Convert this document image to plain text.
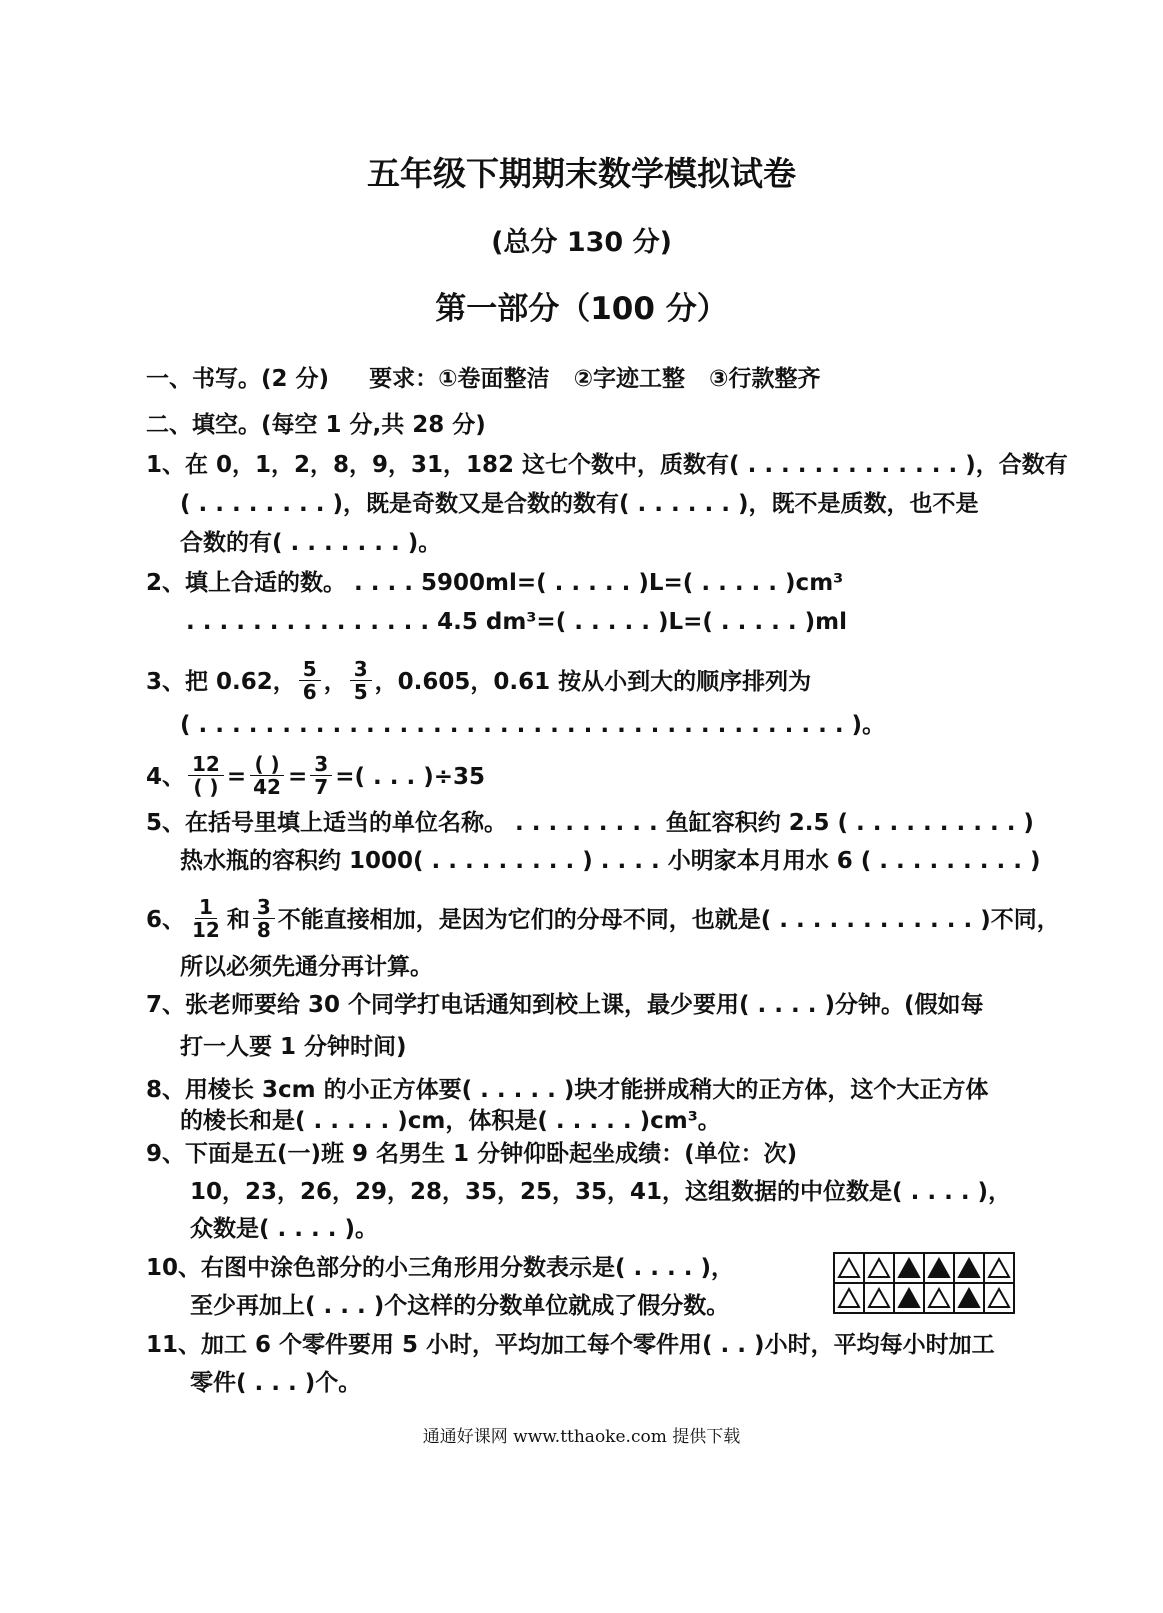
五年级下期期末数学模拟试卷
(总分 130 分)
第一部分（100 分）
一、书写。(2 分)     要求：①卷面整洁   ②字迹工整   ③行款整齐
二、填空。(每空 1 分,共 28 分)
1、在 0，1，2，8，9，31，182 这七个数中，质数有( . . . . . . . . . . . . . )，合数有
( . . . . . . . . )，既是奇数又是合数的数有( . . . . . . )，既不是质数，也不是
合数的有( . . . . . . . )。
2、填上合适的数。 . . . . 5900ml=( . . . . . )L=( . . . . . )cm³
. . . . . . . . . . . . . . . 4.5 dm³=( . . . . . )L=( . . . . . )ml
3、把 0.62， $\frac{5}{6}$ ， $\frac{3}{5}$ ，0.605，0.61 按从小到大的顺序排列为
( . . . . . . . . . . . . . . . . . . . . . . . . . . . . . . . . . . . . . . . )。
4、 $\frac{12}{( )} = \frac{( )}{42} = \frac{3}{7}$ =( . . . )÷35
5、在括号里填上适当的单位名称。 . . . . . . . . . 鱼缸容积约 2.5 ( . . . . . . . . . . )
热水瓶的容积约 1000( . . . . . . . . . ) . . . . 小明家本月用水 6 ( . . . . . . . . . )
6、 $\frac{1}{12}$ 和 $\frac{3}{8}$ 不能直接相加，是因为它们的分母不同，也就是( . . . . . . . . . . . . )不同，
所以必须先通分再计算。
7、张老师要给 30 个同学打电话通知到校上课，最少要用( . . . . )分钟。(假如每
打一人要 1 分钟时间)
8、用棱长 3cm 的小正方体要( . . . . . )块才能拼成稍大的正方体，这个大正方体
的棱长和是( . . . . . )cm，体积是( . . . . . )cm³。
9、下面是五(一)班 9 名男生 1 分钟仰卧起坐成绩：(单位：次)
10，23，26，29，28，35，25，35，41，这组数据的中位数是( . . . . )，
众数是( . . . . )。
10、右图中涂色部分的小三角形用分数表示是( . . . . )，
至少再加上( . . . )个这样的分数单位就成了假分数。

11、加工 6 个零件要用 5 小时，平均加工每个零件用( . . )小时，平均每小时加工
零件( . . . )个。
通通好课网 www.tthaoke.com 提供下载
